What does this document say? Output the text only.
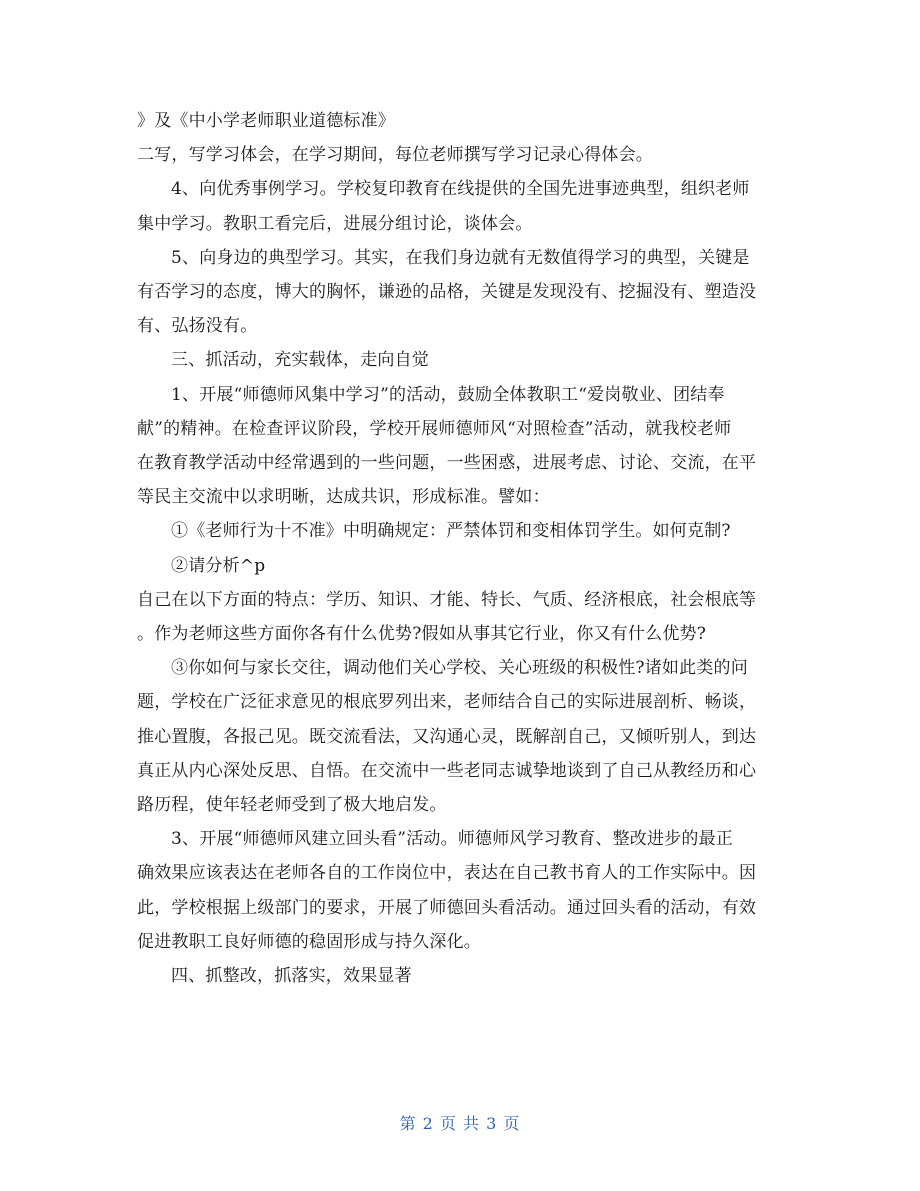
》及《中小学老师职业道德标准》
二写，写学习体会，在学习期间，每位老师撰写学习记录心得体会。
4、向优秀事例学习。学校复印教育在线提供的全国先进事迹典型，组织老师
集中学习。教职工看完后，进展分组讨论，谈体会。
5、向身边的典型学习。其实，在我们身边就有无数值得学习的典型，关键是
有否学习的态度，博大的胸怀，谦逊的品格，关键是发现没有、挖掘没有、塑造没
有、弘扬没有。
三、抓活动，充实载体，走向自觉
1、开展“师德师风集中学习”的活动，鼓励全体教职工“爱岗敬业、团结奉
献”的精神。在检查评议阶段，学校开展师德师风“对照检查”活动，就我校老师
在教育教学活动中经常遇到的一些问题，一些困惑，进展考虑、讨论、交流，在平
等民主交流中以求明晰，达成共识，形成标准。譬如：
①《老师行为十不准》中明确规定：严禁体罚和变相体罚学生。如何克制?
②请分析^p
自己在以下方面的特点：学历、知识、才能、特长、气质、经济根底，社会根底等
。作为老师这些方面你各有什么优势?假如从事其它行业，你又有什么优势?
③你如何与家长交往，调动他们关心学校、关心班级的积极性?诸如此类的问
题，学校在广泛征求意见的根底罗列出来，老师结合自己的实际进展剖析、畅谈，
推心置腹，各报己见。既交流看法，又沟通心灵，既解剖自己，又倾听别人，到达
真正从内心深处反思、自悟。在交流中一些老同志诚挚地谈到了自己从教经历和心
路历程，使年轻老师受到了极大地启发。
3、开展“师德师风建立回头看”活动。师德师风学习教育、整改进步的最正
确效果应该表达在老师各自的工作岗位中，表达在自己教书育人的工作实际中。因
此，学校根据上级部门的要求，开展了师德回头看活动。通过回头看的活动，有效
促进教职工良好师德的稳固形成与持久深化。
四、抓整改，抓落实，效果显著
第 2 页 共 3 页
